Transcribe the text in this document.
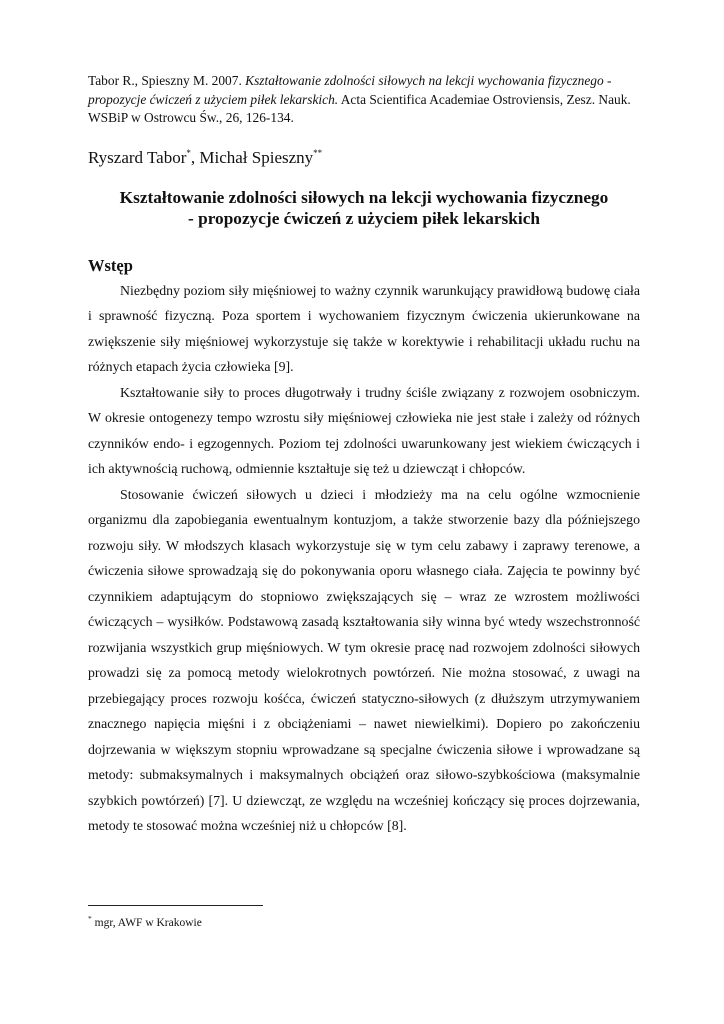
Tabor R., Spieszny M. 2007. Kształtowanie zdolności siłowych na lekcji wychowania fizycznego - propozycje ćwiczeń z użyciem piłek lekarskich. Acta Scientifica Academiae Ostroviensis, Zesz. Nauk. WSBiP w Ostrowcu Św., 26, 126-134.

Ryszard Tabor*, Michał Spieszny**

Kształtowanie zdolności siłowych na lekcji wychowania fizycznego
- propozycje ćwiczeń z użyciem piłek lekarskich
Wstęp

Niezbędny poziom siły mięśniowej to ważny czynnik warunkujący prawidłową budowę ciała i sprawność fizyczną. Poza sportem i wychowaniem fizycznym ćwiczenia ukierunkowane na zwiększenie siły mięśniowej wykorzystuje się także w korektywie i rehabilitacji układu ruchu na różnych etapach życia człowieka [9].

Kształtowanie siły to proces długotrwały i trudny ściśle związany z rozwojem osobniczym. W okresie ontogenezy tempo wzrostu siły mięśniowej człowieka nie jest stałe i zależy od różnych czynników endo- i egzogennych. Poziom tej zdolności uwarunkowany jest wiekiem ćwiczących i ich aktywnością ruchową, odmiennie kształtuje się też u dziewcząt i chłopców.

Stosowanie ćwiczeń siłowych u dzieci i młodzieży ma na celu ogólne wzmocnienie organizmu dla zapobiegania ewentualnym kontuzjom, a także stworzenie bazy dla późniejszego rozwoju siły. W młodszych klasach wykorzystuje się w tym celu zabawy i zaprawy terenowe, a ćwiczenia siłowe sprowadzają się do pokonywania oporu własnego ciała. Zajęcia te powinny być czynnikiem adaptującym do stopniowo zwiększających się – wraz ze wzrostem możliwości ćwiczących – wysiłków. Podstawową zasadą kształtowania siły winna być wtedy wszechstronność rozwijania wszystkich grup mięśniowych. W tym okresie pracę nad rozwojem zdolności siłowych prowadzi się za pomocą metody wielokrotnych powtórzeń. Nie można stosować, z uwagi na przebiegający proces rozwoju kośćca, ćwiczeń statyczno-siłowych (z dłuższym utrzymywaniem znacznego napięcia mięśni i z obciążeniami – nawet niewielkimi). Dopiero po zakończeniu dojrzewania w większym stopniu wprowadzane są specjalne ćwiczenia siłowe i wprowadzane są metody: submaksymalnych i maksymalnych obciążeń oraz siłowo-szybkościowa (maksymalnie szybkich powtórzeń) [7]. U dziewcząt, ze względu na wcześniej kończący się proces dojrzewania, metody te stosować można wcześniej niż u chłopców [8].

* mgr, AWF w Krakowie
